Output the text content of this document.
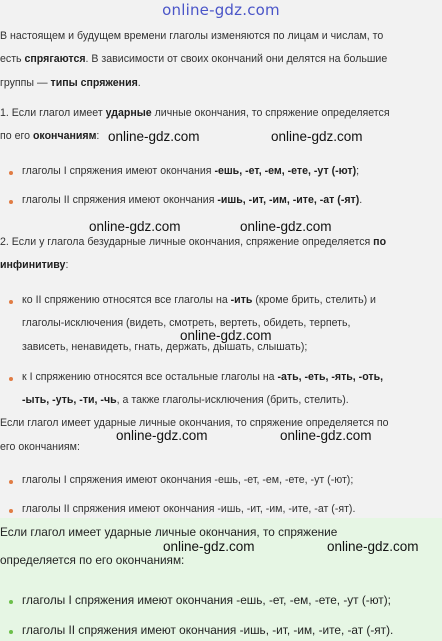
online-gdz.com
В настоящем и будущем времени глаголы изменяются по лицам и числам, то
есть спрягаются. В зависимости от своих окончаний они делятся на большие
группы — типы спряжения.
1. Если глагол имеет ударные личные окончания, то спряжение определяется
по его окончаниям: online-gdz.com	online-gdz.com
глаголы I спряжения имеют окончания -ешь, -ет, -ем, -ете, -ут (-ют);
глаголы II спряжения имеют окончания -ишь, -ит, -им, -ите, -ат (-ят).
online-gdz.com	online-gdz.com
2. Если у глагола безударные личные окончания, спряжение определяется по
инфинитиву:
ко II спряжению относятся все глаголы на -ить (кроме брить, стелить) и
глаголы-исключения (видеть, смотреть, вертеть, обидеть, терпеть,
online-gdz.com
зависеть, ненавидеть, гнать, держать, дышать, слышать);
к I спряжению относятся все остальные глаголы на -ать, -еть, -ять, -оть,
-ыть, -уть, -ти, -чь, а также глаголы-исключения (брить, стелить).
Если глагол имеет ударные личные окончания, то спряжение определяется по
online-gdz.com	online-gdz.com
его окончаниям:
глаголы I спряжения имеют окончания -ешь, -ет, -ем, -ете, -ут (-ют);
глаголы II спряжения имеют окончания -ишь, -ит, -им, -ите, -ат (-ят).
Если глагол имеет ударные личные окончания, то спряжение
online-gdz.com	online-gdz.com
определяется по его окончаниям:
глаголы I спряжения имеют окончания -ешь, -ет, -ем, -ете, -ут (-ют);
глаголы II спряжения имеют окончания -ишь, -ит, -им, -ите, -ат (-ят).
